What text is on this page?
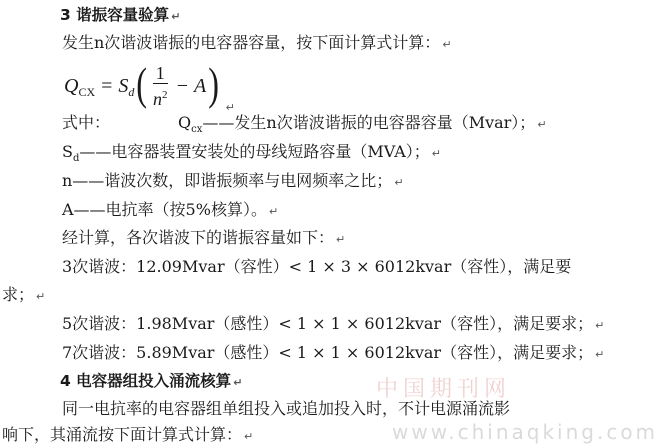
3 谐振容量验算 ↵
发生n次谐波谐振的电容器容量，按下面计算式计算： ↵
Q CX = S d ( $\frac{1}{n^2} - A$ ) ↵
式中：	$Q_{cx}——$发生n次谐波谐振的电容器容量（Mvar）； ↵
$S_d——$电容器装置安装处的母线短路容量（MVA）； ↵
n——谐波次数，即谐振频率与电网频率之比； ↵
A——电抗率（按5%核算）。 ↵
经计算，各次谐波下的谐振容量如下： ↵
3次谐波：12.09Mvar（容性）< 1 × 3 × 6012kvar（容性），满足要
求； ↵
5次谐波：1.98Mvar（感性）< 1 × 1 × 6012kvar（容性），满足要求； ↵
7次谐波：5.89Mvar（感性）< 1 × 1 × 6012kvar（容性），满足要求； ↵
4 电容器组投入涌流核算 ↵
同一电抗率的电容器组单组投入或追加投入时，不计电源涌流影
响下，其涌流按下面计算式计算： ↵
中国期刊网
www.chinaqking.com
